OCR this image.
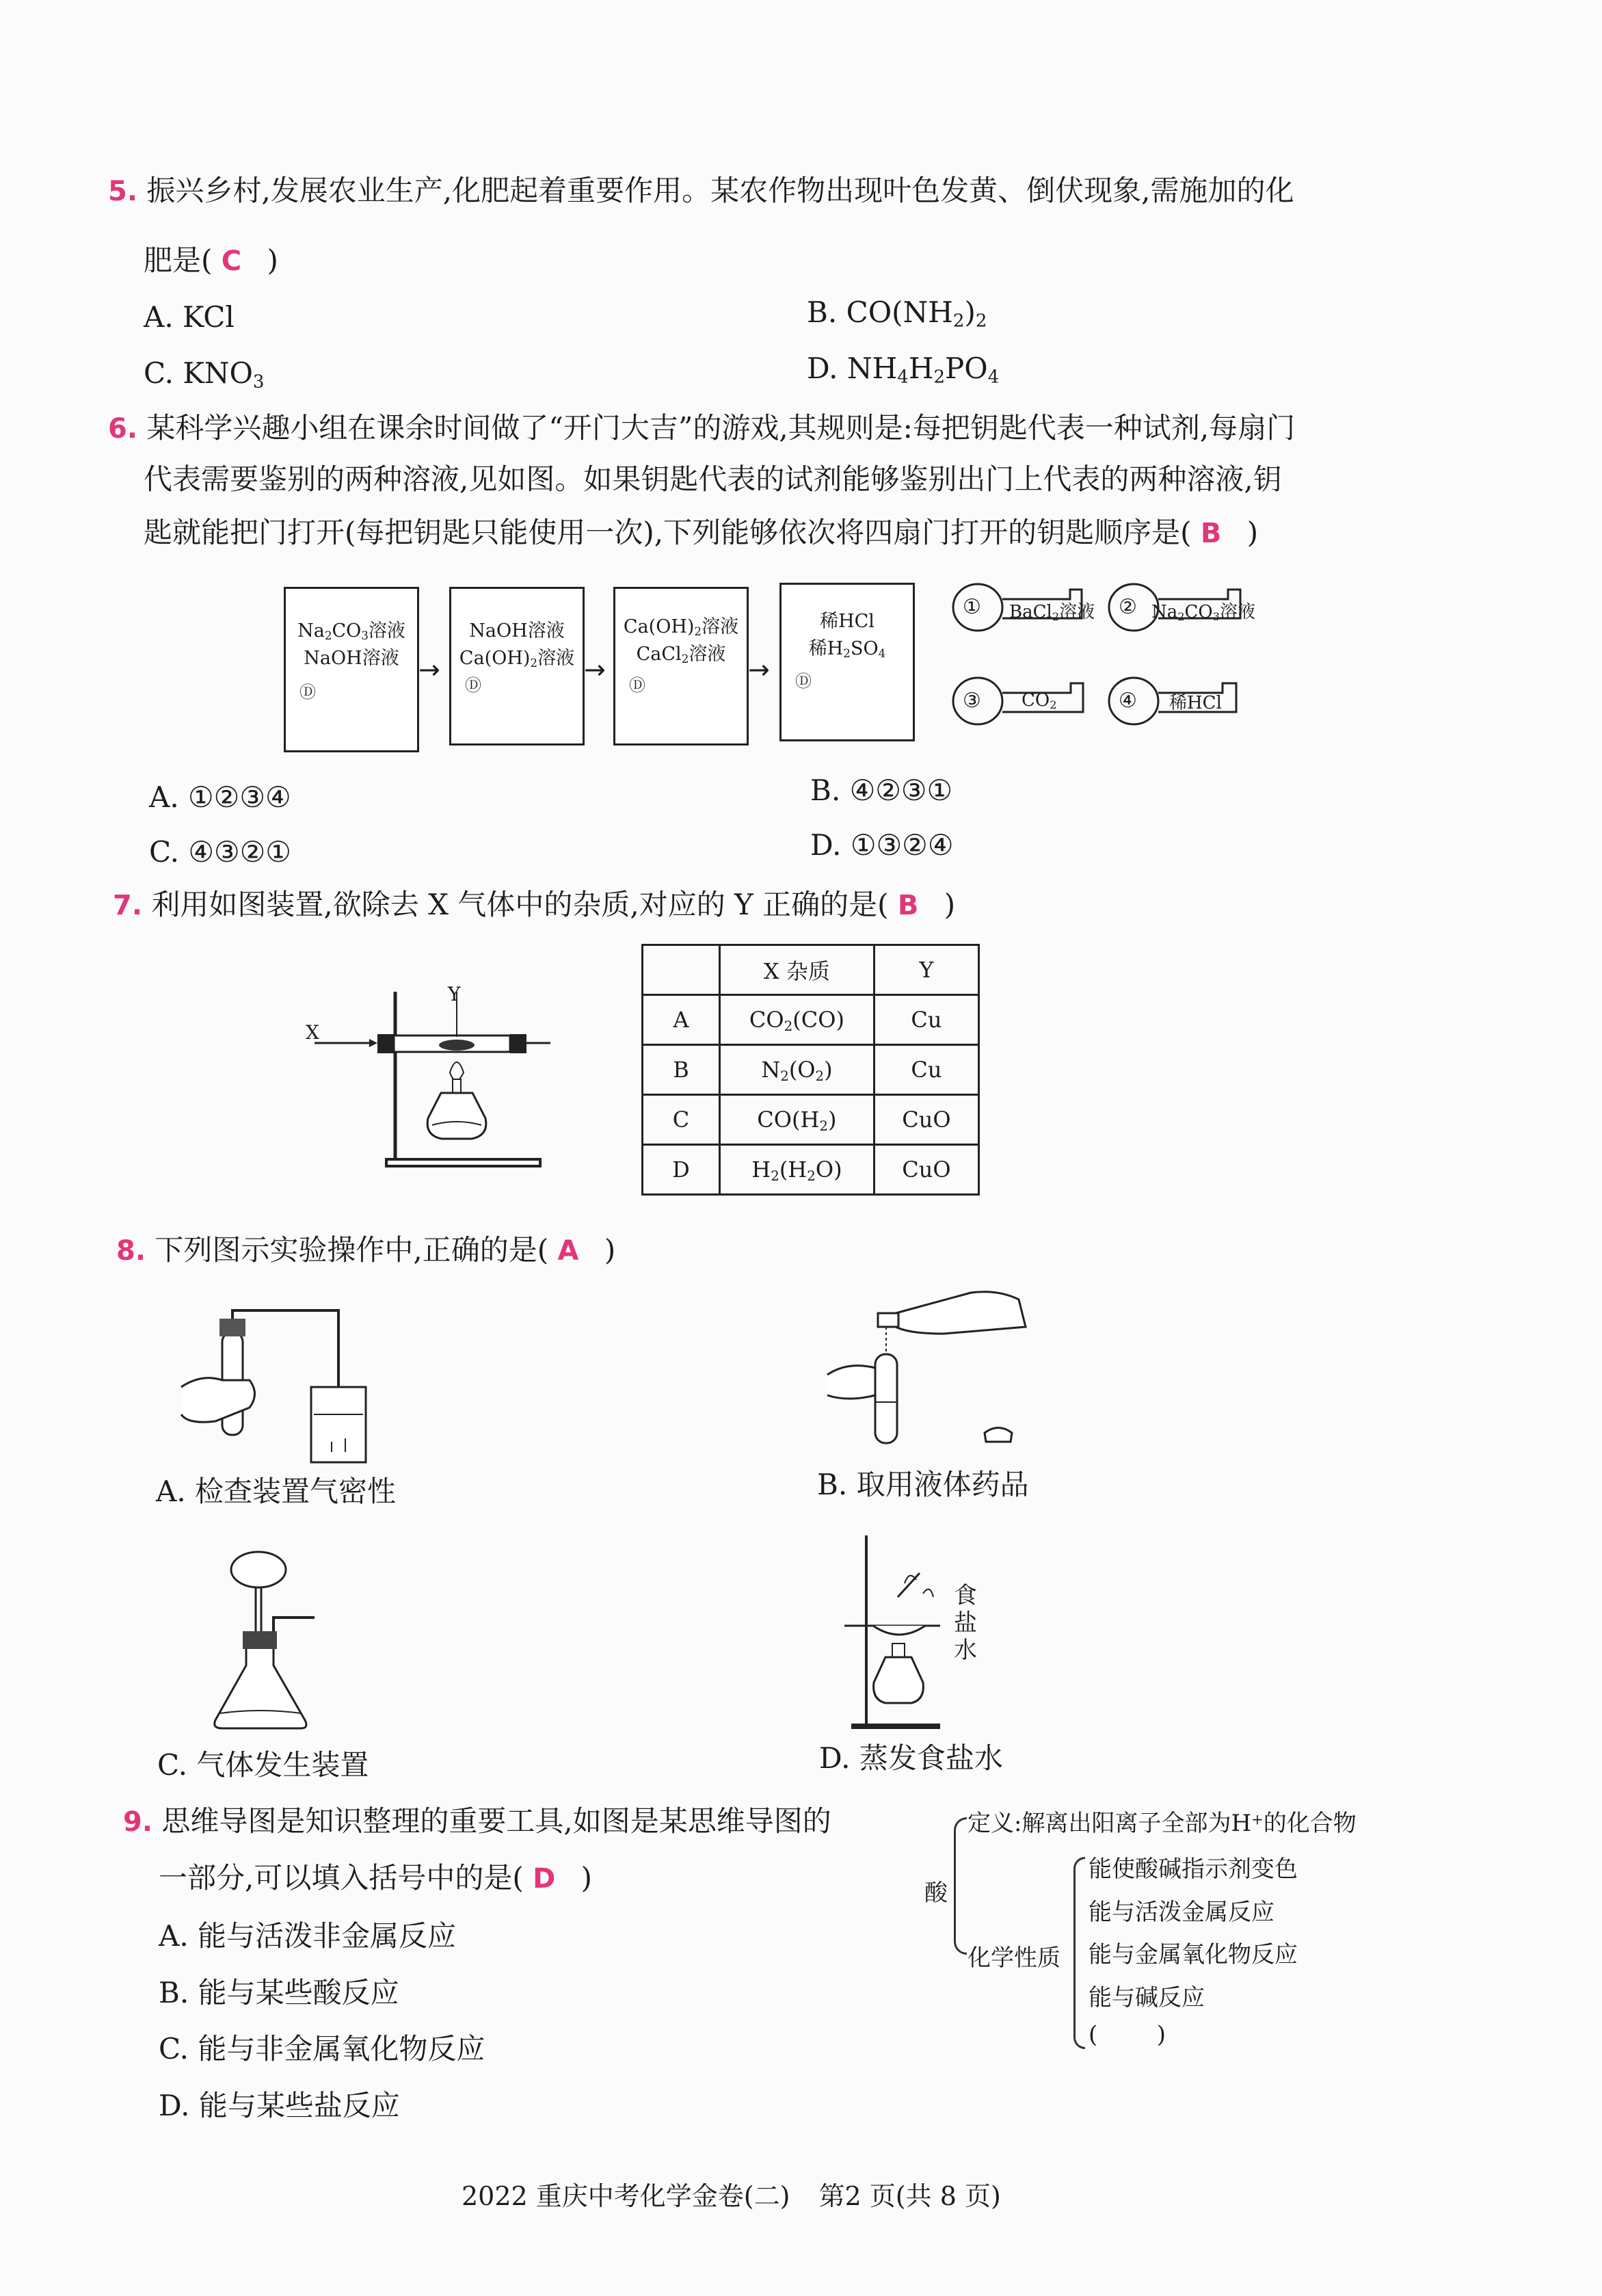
5. 振兴乡村,发展农业生产,化肥起着重要作用。某农作物出现叶色发黄、倒伏现象,需施加的化
肥是( C )
A. KCl	B. $CO(NH_2)_2$
C. $KNO_3$	D. $NH_4H_2PO_4$
6. 某科学兴趣小组在课余时间做了“开门大吉”的游戏,其规则是:每把钥匙代表一种试剂,每扇门
代表需要鉴别的两种溶液,见如图。如果钥匙代表的试剂能够鉴别出门上代表的两种溶液,钥
匙就能把门打开(每把钥匙只能使用一次),下列能够依次将四扇门打开的钥匙顺序是( B )
$Na_2CO_3$溶液
NaOH溶液
Ⓓ
→
NaOH溶液
$Ca(OH)_2$溶液
Ⓓ
→
$Ca(OH)_2$溶液
CaCl$_2$溶液
Ⓓ
→
稀HCl
稀$H_2SO_4$
Ⓓ
① BaCl$_2$溶液 ② $Na_2CO_3$溶液
③ $CO_2$	④ 稀HCl
A. ①②③④	B. ④②③①
C. ④③②①	D. ①③②④
7. 利用如图装置,欲除去 X 气体中的杂质,对应的 Y 正确的是( B )
X
Y
	X 杂质	Y
A	$CO_2(CO)$	Cu
B	$N_2(O_2)$	Cu
C	$CO(H_2)$	CuO
D	$H_2(H_2O)$	CuO
8. 下列图示实验操作中,正确的是( A )
A. 检查装置气密性	B. 取用液体药品
C. 气体发生装置
食
盐
水
D. 蒸发食盐水
9. 思维导图是知识整理的重要工具,如图是某思维导图的
一部分,可以填入括号中的是( D )
A. 能与活泼非金属反应
B. 能与某些酸反应
C. 能与非金属氧化物反应
D. 能与某些盐反应
酸
定义:解离出阳离子全部为H+的化合物
化学性质
能使酸碱指示剂变色
能与活泼金属反应
能与金属氧化物反应
能与碱反应
(        )
2022 重庆中考化学金卷(二) 第2 页(共 8 页)
